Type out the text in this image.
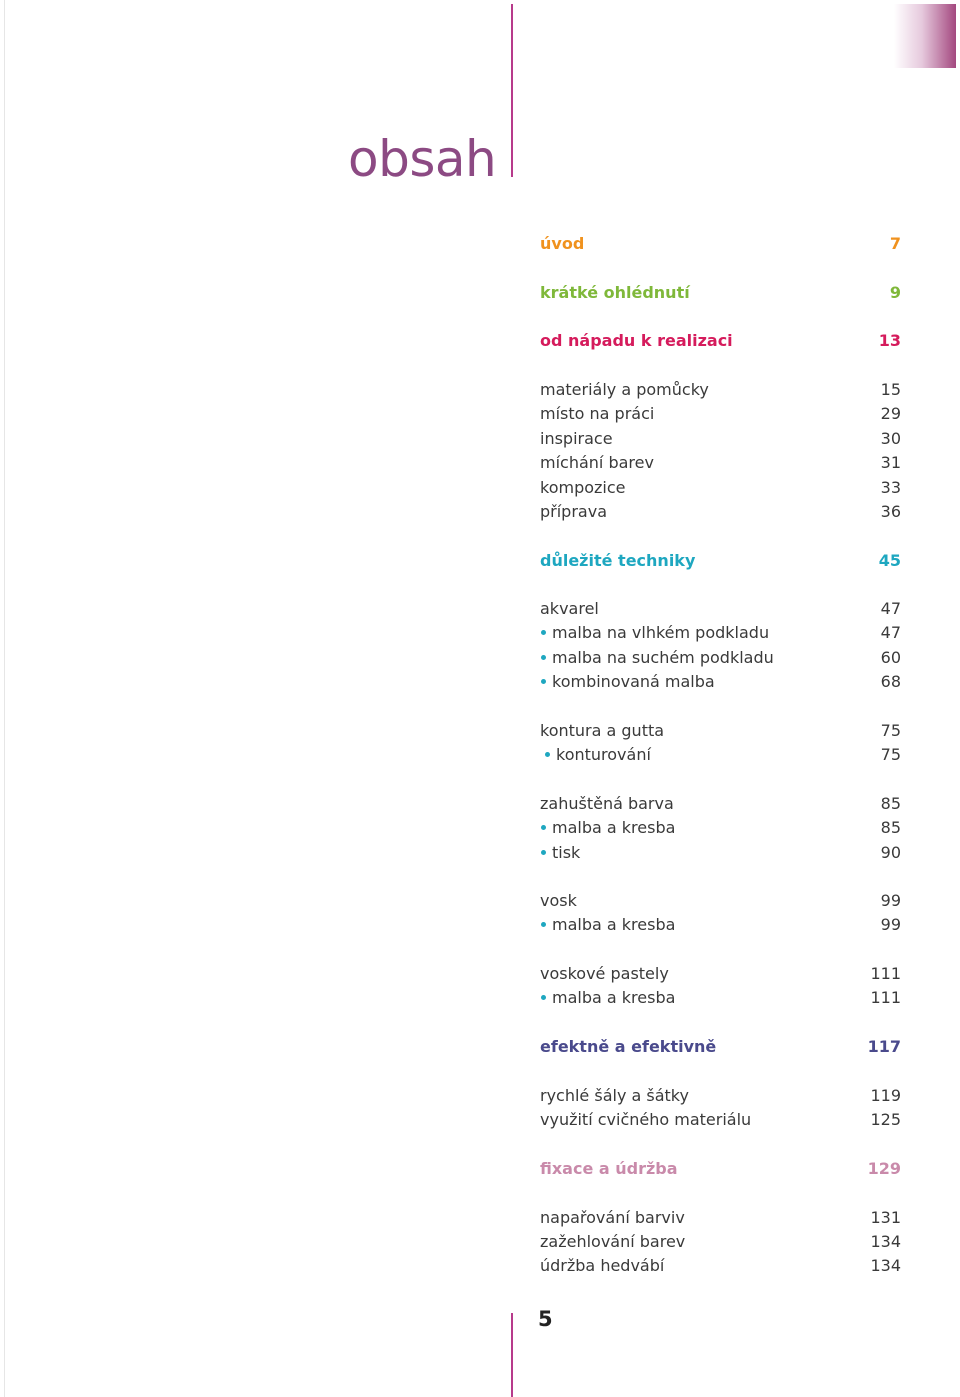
obsah
úvod	7
krátké ohlédnutí	9
od nápadu k realizaci	13
materiály a pomůcky	15
místo na práci	29
inspirace	30
míchání barev	31
kompozice	33
příprava	36
důležité techniky	45
akvarel	47
malba na vlhkém podkladu	47
malba na suchém podkladu	60
kombinovaná malba	68
kontura a gutta	75
konturování	75
zahuštěná barva	85
malba a kresba	85
tisk	90
vosk	99
malba a kresba	99
voskové pastely	111
malba a kresba	111
efektně a efektivně	117
rychlé šály a šátky	119
využití cvičného materiálu	125
fixace a údržba	129
napařování barviv	131
zažehlování barev	134
údržba hedvábí	134
5
